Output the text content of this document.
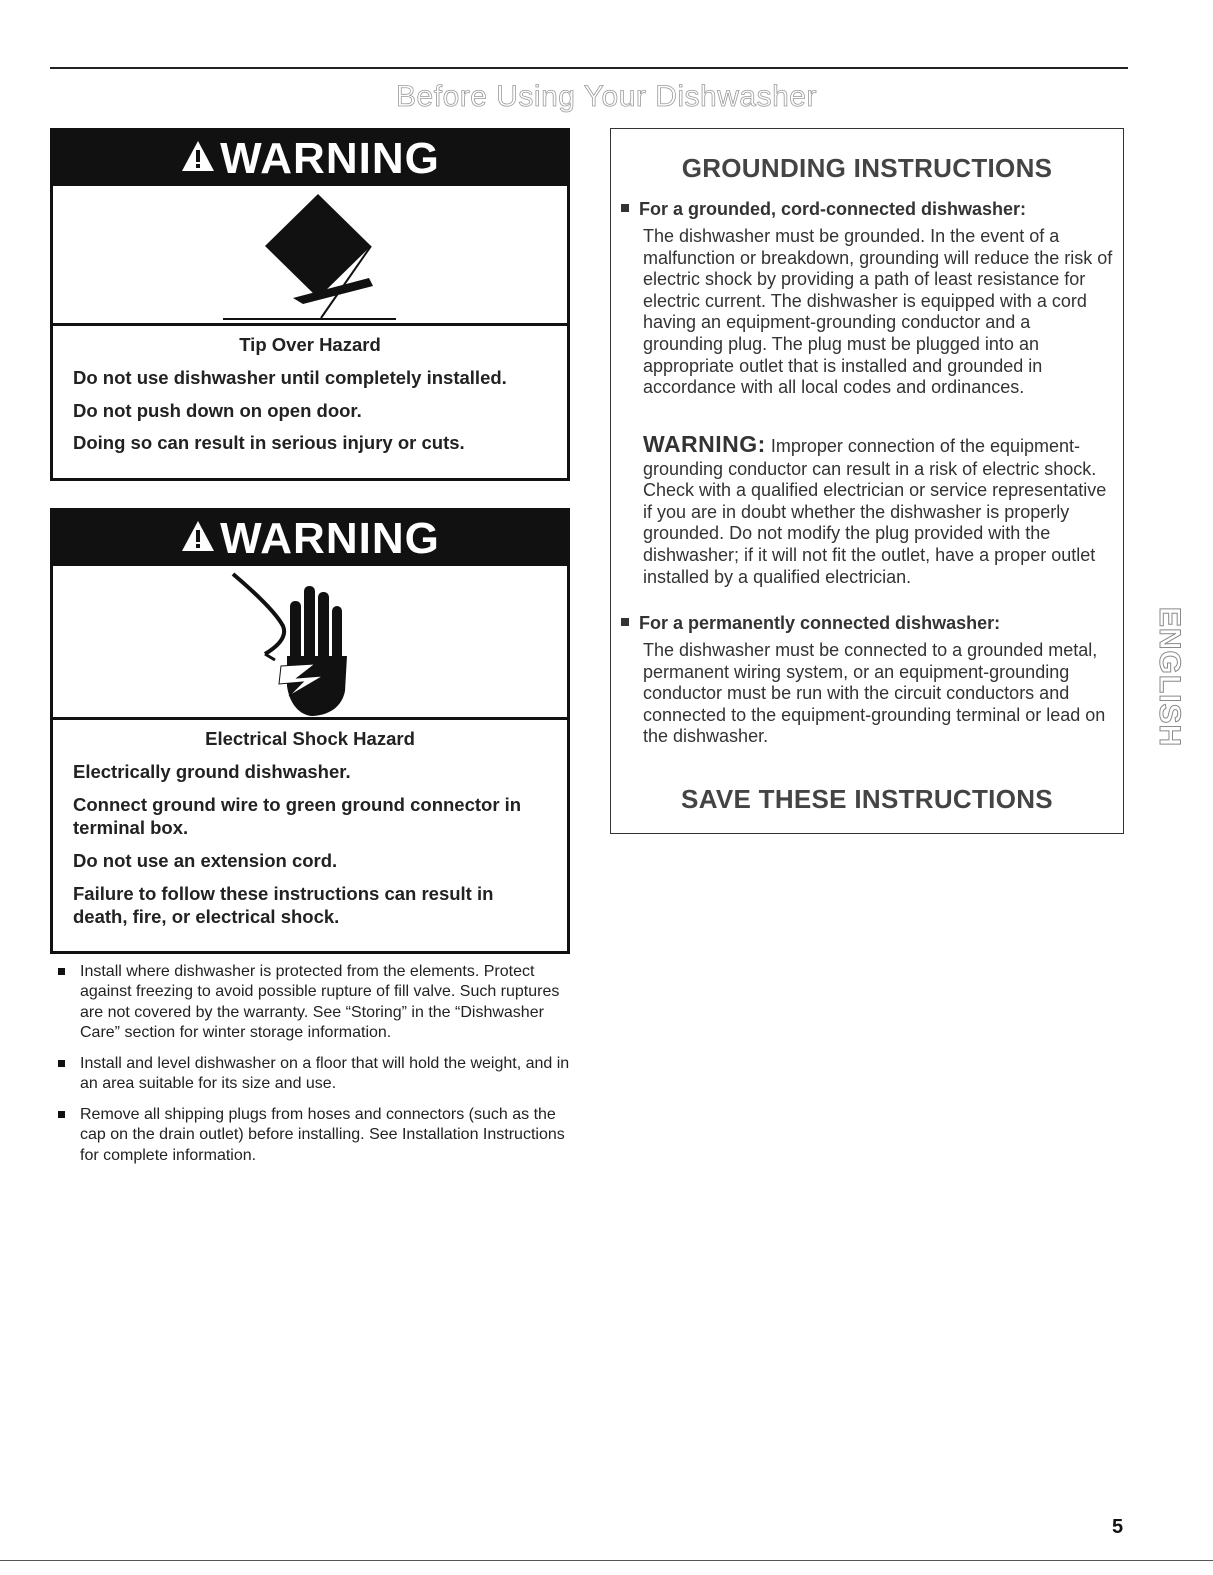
Before Using Your Dishwasher
WARNING
Tip Over Hazard

Do not use dishwasher until completely installed.

Do not push down on open door.

Doing so can result in serious injury or cuts.

WARNING
Electrical Shock Hazard

Electrically ground dishwasher.

Connect ground wire to green ground connector in terminal box.

Do not use an extension cord.

Failure to follow these instructions can result in death, fire, or electrical shock.

Install where dishwasher is protected from the elements. Protect against freezing to avoid possible rupture of fill valve. Such ruptures are not covered by the warranty. See “Storing” in the “Dishwasher Care” section for winter storage information.
Install and level dishwasher on a floor that will hold the weight, and in an area suitable for its size and use.
Remove all shipping plugs from hoses and connectors (such as the cap on the drain outlet) before installing. See Installation Instructions for complete information.
GROUNDING INSTRUCTIONS
For a grounded, cord-connected dishwasher:
The dishwasher must be grounded. In the event of a malfunction or breakdown, grounding will reduce the risk of electric shock by providing a path of least resistance for electric current. The dishwasher is equipped with a cord having an equipment-grounding conductor and a grounding plug. The plug must be plugged into an appropriate outlet that is installed and grounded in accordance with all local codes and ordinances.
WARNING: Improper connection of the equipment-grounding conductor can result in a risk of electric shock. Check with a qualified electrician or service representative if you are in doubt whether the dishwasher is properly grounded. Do not modify the plug provided with the dishwasher; if it will not fit the outlet, have a proper outlet installed by a qualified electrician.
For a permanently connected dishwasher:
The dishwasher must be connected to a grounded metal, permanent wiring system, or an equipment-grounding conductor must be run with the circuit conductors and connected to the equipment-grounding terminal or lead on the dishwasher.
SAVE THESE INSTRUCTIONS
ENGLISH
5
